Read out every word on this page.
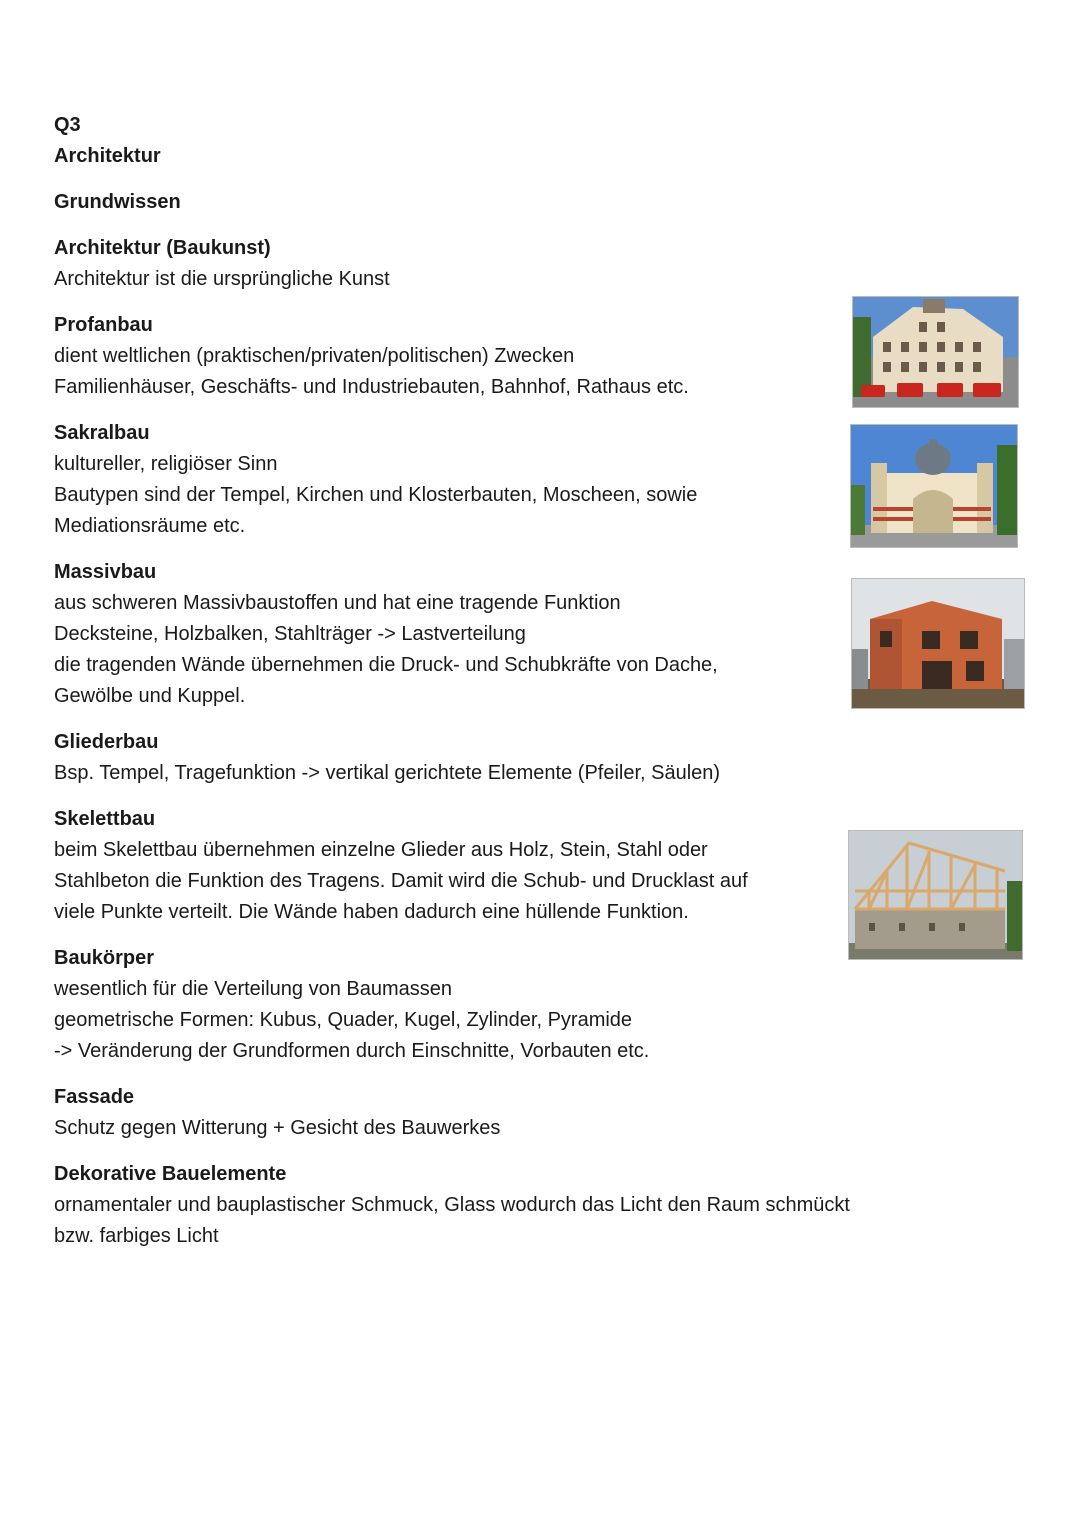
Q3

Architektur

Grundwissen

Architektur (Baukunst)

Architektur ist die ursprüngliche Kunst

Profanbau

dient weltlichen (praktischen/privaten/politischen) Zwecken

Familienhäuser, Geschäfts- und Industriebauten, Bahnhof, Rathaus etc.

Sakralbau

kultureller, religiöser Sinn

Bautypen sind der Tempel, Kirchen und Klosterbauten, Moscheen, sowie

Mediationsräume etc.

Massivbau

aus schweren Massivbaustoffen und hat eine tragende Funktion

Decksteine, Holzbalken, Stahlträger -> Lastverteilung

die tragenden Wände übernehmen die Druck- und Schubkräfte von Dache,

Gewölbe und Kuppel.

Gliederbau

Bsp. Tempel, Tragefunktion -> vertikal gerichtete Elemente (Pfeiler, Säulen)

Skelettbau

beim Skelettbau übernehmen einzelne Glieder aus Holz, Stein, Stahl oder

Stahlbeton die Funktion des Tragens. Damit wird die Schub- und Drucklast auf

viele Punkte verteilt. Die Wände haben dadurch eine hüllende Funktion.

Baukörper

wesentlich für die Verteilung von Baumassen

geometrische Formen: Kubus, Quader, Kugel, Zylinder, Pyramide

-> Veränderung der Grundformen durch Einschnitte, Vorbauten etc.

Fassade

Schutz gegen Witterung + Gesicht des Bauwerkes

Dekorative Bauelemente

ornamentaler und bauplastischer Schmuck, Glass wodurch das Licht den Raum schmückt

bzw. farbiges Licht
